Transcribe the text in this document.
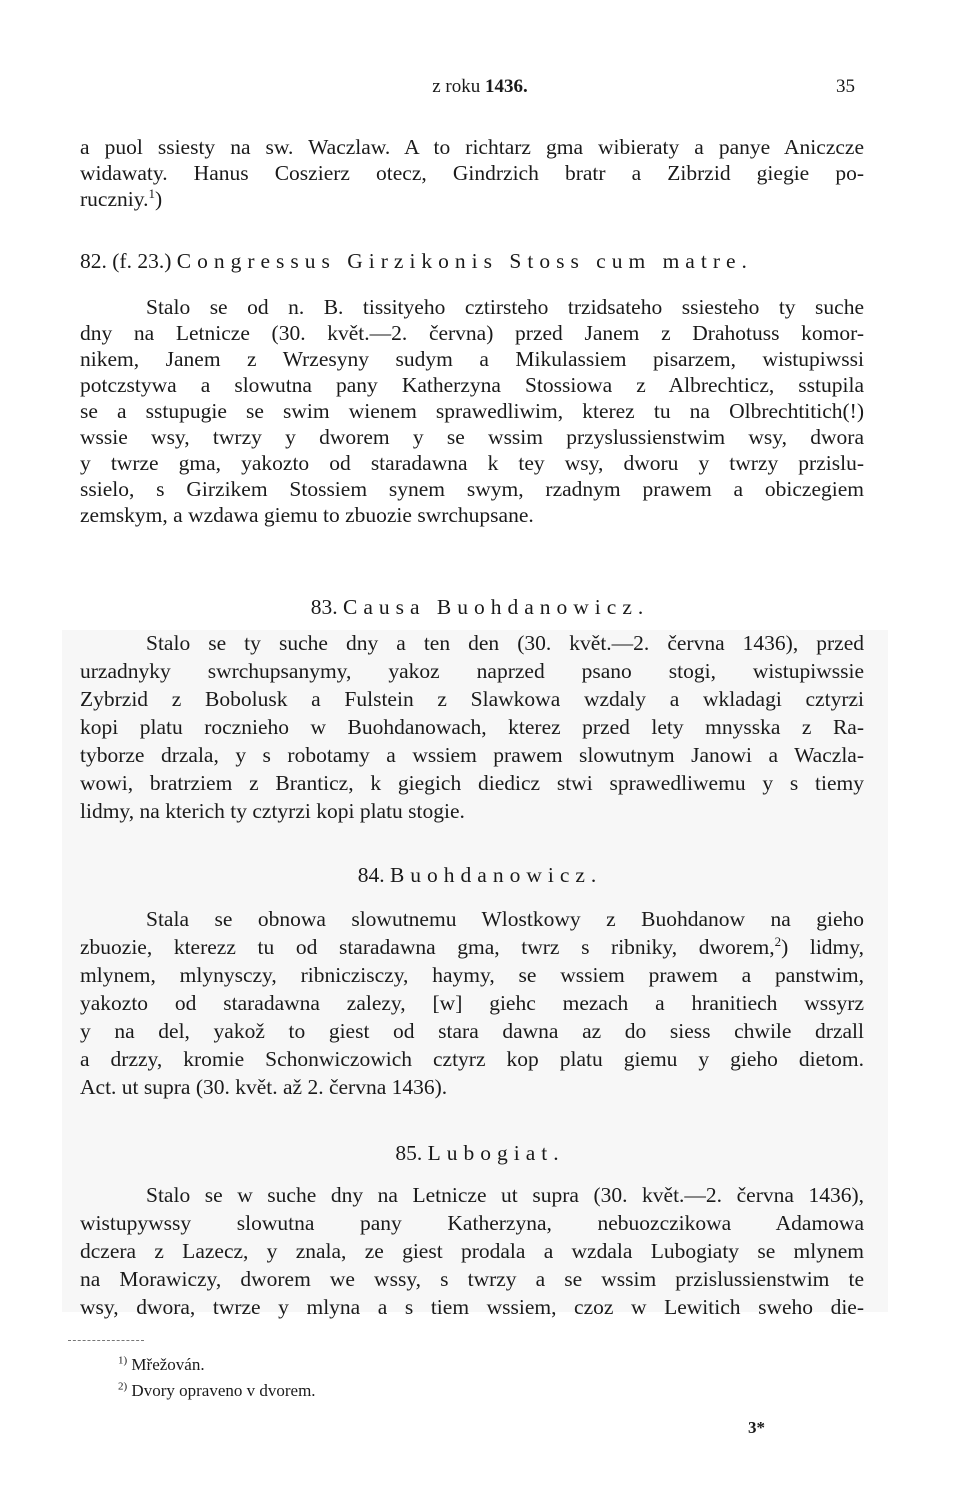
z roku 1436.	35
a puol ssiesty na sw. Waczlaw. A to richtarz gma wibieraty a panye Aniczcze
widawaty. Hanus Coszierz otecz, Gindrzich bratr a Zibrzid giegie po-
ruczniy.$^1$)
82. (f. 23.) Congressus Girzikonis Stoss cum matre.
Stalo se od n. B. tissityeho cztirsteho trzidsateho ssiesteho ty suche
dny na Letnicze (30. květ.—2. června) przed Janem z Drahotuss komor-
nikem, Janem z Wrzesyny sudym a Mikulassiem pisarzem, wistupiwssi
potczstywa a slowutna pany Katherzyna Stossiowa z Albrechticz, sstupila
se a sstupugie se swim wienem sprawedliwim, kterez tu na Olbrechtitich(!)
wssie wsy, twrzy y dworem y se wssim przyslussienstwim wsy, dwora
y twrze gma, yakozto od staradawna k tey wsy, dworu y twrzy przislu-
ssielo, s Girzikem Stossiem synem swym, rzadnym prawem a obiczegiem
zemskym, a wzdawa giemu to zbuozie swrchupsane.
83. Causa Buohdanowicz.
Stalo se ty suche dny a ten den (30. květ.—2. června 1436), przed
urzadnyky swrchupsanymy, yakoz naprzed psano stogi, wistupiwssie
Zybrzid z Bobolusk a Fulstein z Slawkowa wzdaly a wkladagi cztyrzi
kopi platu rocznieho w Buohdanowach, kterez przed lety mnysska z Ra-
tyborze drzala, y s robotamy a wssiem prawem slowutnym Janowi a Waczla-
wowi, bratrziem z Branticz, k giegich diedicz stwi sprawedliwemu y s tiemy
lidmy, na kterich ty cztyrzi kopi platu stogie.
84. Buohdanowicz.
Stala se obnowa slowutnemu Wlostkowy z Buohdanow na gieho
zbuozie, kterezz tu od staradawna gma, twrz s ribniky, dworem,$^2$) lidmy,
mlynem, mlynysczy, ribniczisczy, haymy, se wssiem prawem a panstwim,
yakozto od staradawna zalezy, [w] giehc mezach a hranitiech wssyrz
y na del, yakož to giest od stara dawna az do siess chwile drzall
a drzzy, kromie Schonwiczowich cztyrz kop platu giemu y gieho dietom.
Act. ut supra (30. květ. až 2. června 1436).
85. Lubogiat.
Stalo se w suche dny na Letnicze ut supra (30. květ.—2. června 1436),
wistupywssy slowutna pany Katherzyna, nebuozczikowa Adamowa
dczera z Lazecz, y znala, ze giest prodala a wzdala Lubogiaty se mlynem
na Morawiczy, dworem we wssy, s twrzy a se wssim przislussienstwim te
wsy, dwora, twrze y mlyna a s tiem wssiem, czoz w Lewitich sweho die-
$^{1)}$ Mřežován.
$^{2)}$ Dvory opraveno v dvorem.
3*
